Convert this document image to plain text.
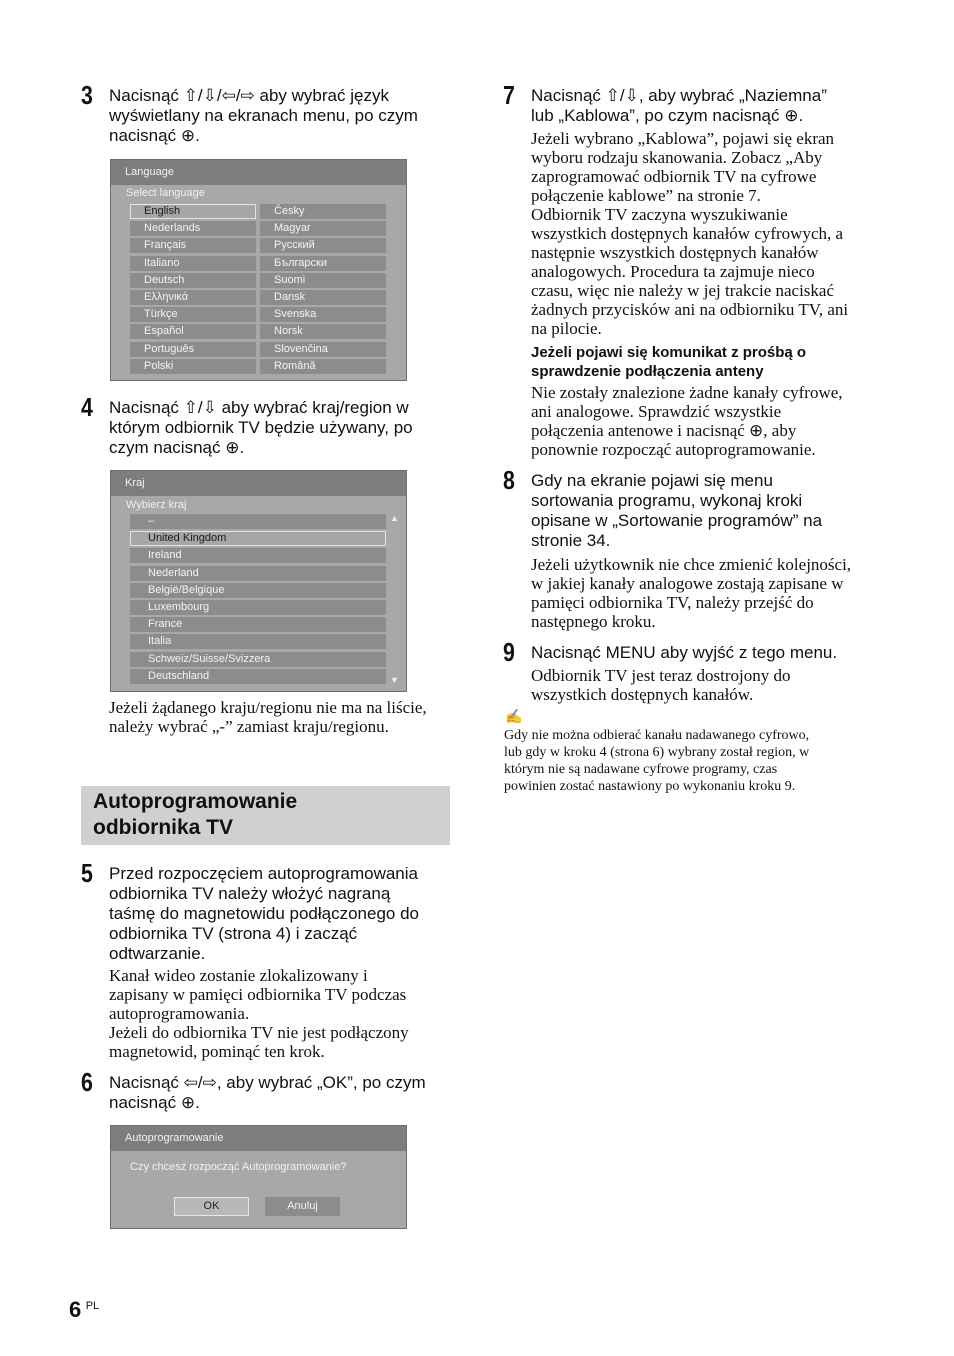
3 Nacisnąć ⇧/⇩/⇦/⇨ aby wybrać język
wyświetlany na ekranach menu, po czym
nacisnąć ⊕.
Language
Select language
English	Česky
Nederlands	Magyar
Français	Русский
Italiano	Български
Deutsch	Suomi
Ελληνικά	Dansk
Türkçe	Svenska
Español	Norsk
Português	Slovenčina
Polski	Română
4 Nacisnąć ⇧/⇩ aby wybrać kraj/region w
którym odbiornik TV będzie używany, po
czym nacisnąć ⊕.
Kraj
Wybierz kraj
–
United Kingdom
Ireland
Nederland
België/Belgique
Luxembourg
France
Italia
Schweiz/Suisse/Svizzera
Deutschland
▲
▼
Jeżeli żądanego kraju/regionu nie ma na liście,
należy wybrać „-” zamiast kraju/regionu.
Autoprogramowanie
odbiornika TV
5 Przed rozpoczęciem autoprogramowania
odbiornika TV należy włożyć nagraną
taśmę do magnetowidu podłączonego do
odbiornika TV (strona 4) i zacząć
odtwarzanie.
Kanał wideo zostanie zlokalizowany i
zapisany w pamięci odbiornika TV podczas
autoprogramowania.
Jeżeli do odbiornika TV nie jest podłączony
magnetowid, pominąć ten krok.
6 Nacisnąć ⇦/⇨, aby wybrać „OK”, po czym
nacisnąć ⊕.
Autoprogramowanie
Czy chcesz rozpocząć Autoprogramowanie?
OK	Anuluj
6 $^{PL}$
7 Nacisnąć ⇧/⇩, aby wybrać „Naziemna”
lub „Kablowa”, po czym nacisnąć ⊕.
Jeżeli wybrano „Kablowa”, pojawi się ekran
wyboru rodzaju skanowania. Zobacz „Aby
zaprogramować odbiornik TV na cyfrowe
połączenie kablowe” na stronie 7.
Odbiornik TV zaczyna wyszukiwanie
wszystkich dostępnych kanałów cyfrowych, a
następnie wszystkich dostępnych kanałów
analogowych. Procedura ta zajmuje nieco
czasu, więc nie należy w jej trakcie naciskać
żadnych przycisków ani na odbiorniku TV, ani
na pilocie.
Jeżeli pojawi się komunikat z prośbą o
sprawdzenie podłączenia anteny
Nie zostały znalezione żadne kanały cyfrowe,
ani analogowe. Sprawdzić wszystkie
połączenia antenowe i nacisnąć ⊕, aby
ponownie rozpocząć autoprogramowanie.
8 Gdy na ekranie pojawi się menu
sortowania programu, wykonaj kroki
opisane w „Sortowanie programów” na
stronie 34.
Jeżeli użytkownik nie chce zmienić kolejności,
w jakiej kanały analogowe zostają zapisane w
pamięci odbiornika TV, należy przejść do
następnego kroku.
9 Nacisnąć MENU aby wyjść z tego menu.
Odbiornik TV jest teraz dostrojony do
wszystkich dostępnych kanałów.
✍
Gdy nie można odbierać kanału nadawanego cyfrowo,
lub gdy w kroku 4 (strona 6) wybrany został region, w
którym nie są nadawane cyfrowe programy, czas
powinien zostać nastawiony po wykonaniu kroku 9.
